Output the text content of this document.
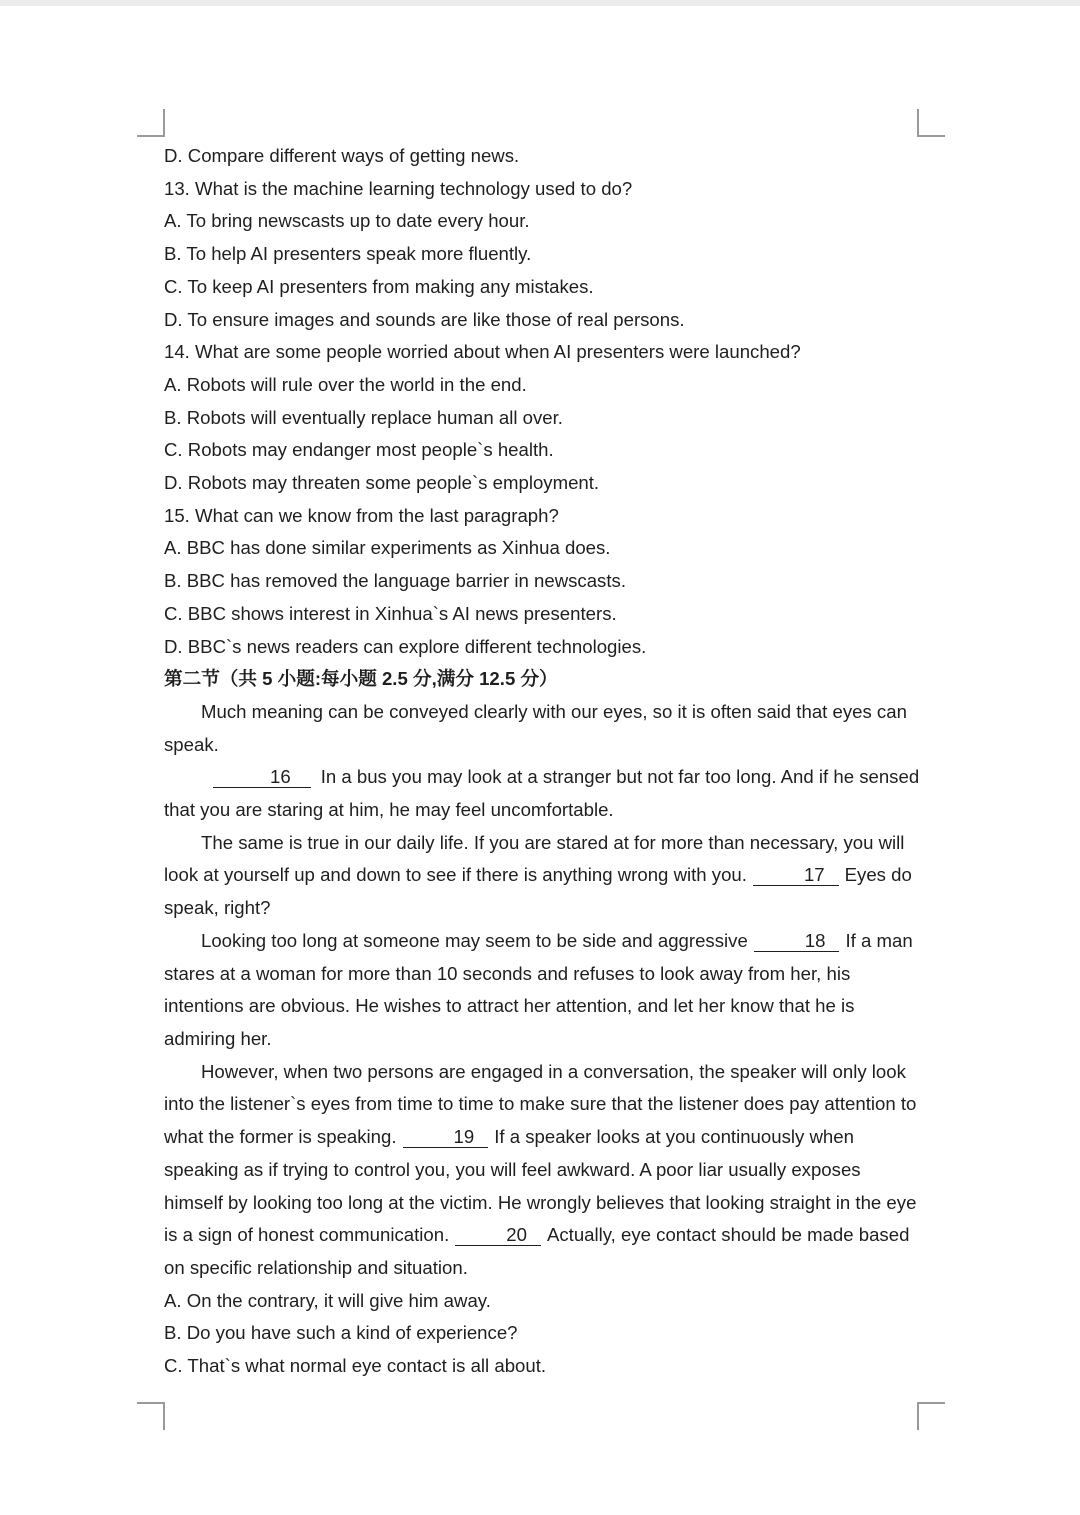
D. Compare different ways of getting news.
13. What is the machine learning technology used to do?
A. To bring newscasts up to date every hour.
B. To help AI presenters speak more fluently.
C. To keep AI presenters from making any mistakes.
D. To ensure images and sounds are like those of real persons.
14. What are some people worried about when AI presenters were launched?
A. Robots will rule over the world in the end.
B. Robots will eventually replace human all over.
C. Robots may endanger most people`s health.
D. Robots may threaten some people`s employment.
15. What can we know from the last paragraph?
A. BBC has done similar experiments as Xinhua does.
B. BBC has removed the language barrier in newscasts.
C. BBC shows interest in Xinhua`s AI news presenters.
D. BBC`s news readers can explore different technologies.
第二节（共 5 小题:每小题 2.5 分,满分 12.5 分）

Much meaning can be conveyed clearly with our eyes, so it is often said that eyes can speak.

16 In a bus you may look at a stranger but not far too long. And if he sensed that you are staring at him, he may feel uncomfortable.

The same is true in our daily life. If you are stared at for more than necessary, you will look at yourself up and down to see if there is anything wrong with you.	17 Eyes do speak, right?

Looking too long at someone may seem to be side and aggressive	18 If a man stares at a woman for more than 10 seconds and refuses to look away from her, his intentions are obvious. He wishes to attract her attention, and let her know that he is admiring her.

However, when two persons are engaged in a conversation, the speaker will only look into the listener`s eyes from time to time to make sure that the listener does pay attention to what the former is speaking.	19 If a speaker looks at you continuously when speaking as if trying to control you, you will feel awkward. A poor liar usually exposes himself by looking too long at the victim. He wrongly believes that looking straight in the eye is a sign of honest communication.	20 Actually, eye contact should be made based on specific relationship and situation.

A. On the contrary, it will give him away.
B. Do you have such a kind of experience?
C. That`s what normal eye contact is all about.
